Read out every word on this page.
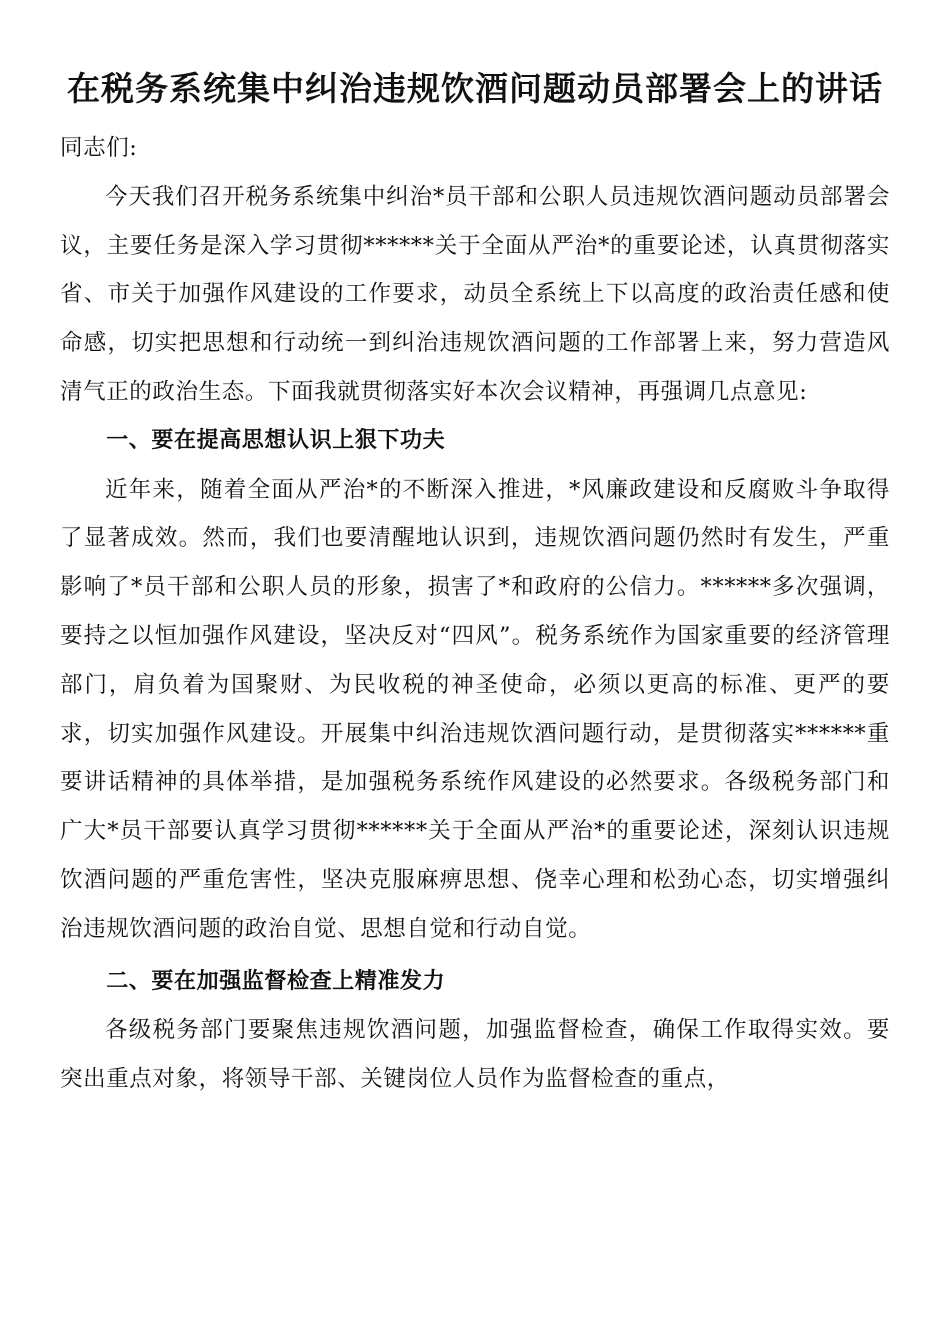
在税务系统集中纠治违规饮酒问题动员部署会上的讲话

同志们:

今天我们召开税务系统集中纠治*员干部和公职人员违规饮酒问题动员部署会议，主要任务是深入学习贯彻******关于全面从严治*的重要论述，认真贯彻落实省、市关于加强作风建设的工作要求，动员全系统上下以高度的政治责任感和使命感，切实把思想和行动统一到纠治违规饮酒问题的工作部署上来，努力营造风清气正的政治生态。下面我就贯彻落实好本次会议精神，再强调几点意见:

一、要在提高思想认识上狠下功夫

近年来，随着全面从严治*的不断深入推进，*风廉政建设和反腐败斗争取得了显著成效。然而，我们也要清醒地认识到，违规饮酒问题仍然时有发生，严重影响了*员干部和公职人员的形象，损害了*和政府的公信力。******多次强调，要持之以恒加强作风建设，坚决反对“四风”。税务系统作为国家重要的经济管理部门，肩负着为国聚财、为民收税的神圣使命，必须以更高的标准、更严的要求，切实加强作风建设。开展集中纠治违规饮酒问题行动，是贯彻落实******重要讲话精神的具体举措，是加强税务系统作风建设的必然要求。各级税务部门和广大*员干部要认真学习贯彻******关于全面从严治*的重要论述，深刻认识违规饮酒问题的严重危害性，坚决克服麻痹思想、侥幸心理和松劲心态，切实增强纠治违规饮酒问题的政治自觉、思想自觉和行动自觉。

二、要在加强监督检查上精准发力

各级税务部门要聚焦违规饮酒问题，加强监督检查，确保工作取得实效。要突出重点对象，将领导干部、关键岗位人员作为监督检查的重点，
